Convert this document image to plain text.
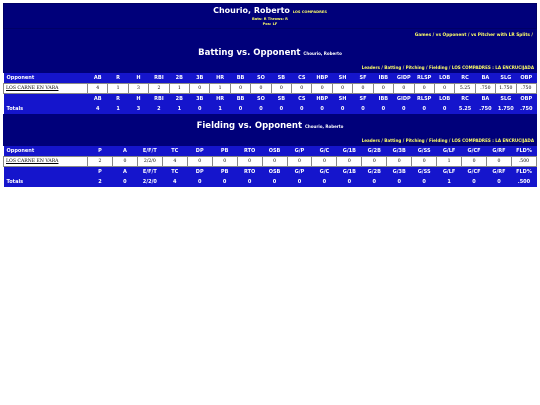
Chourio, Roberto LOS COMPADRES
Bats: R Throws: R
Pos: LF
Games / vs Opponent / vs Pitcher with LR Splits /
Batting vs. Opponent Chourio, Roberto
Leaders / Batting / Pitching / Fielding / LOS COMPADRES : LA ENCRUCIJADA
Opponent	AB	R	H	RBI	2B	3B	HR	BB	SO	SB	CS	HBP	SH	SF	IBB	GIDP	RLSP	LOB	RC	BA	SLG	OBP
LOS CARNE EN VARA	4	1	3	2	1	0	1	0	0	0	0	0	0	0	0	0	0	0	5.25	.750	1.750	.750
	AB	R	H	RBI	2B	3B	HR	BB	SO	SB	CS	HBP	SH	SF	IBB	GIDP	RLSP	LOB	RC	BA	SLG	OBP
Totals	4	1	3	2	1	0	1	0	0	0	0	0	0	0	0	0	0	0	5.25	.750	1.750	.750
Fielding vs. Opponent Chourio, Roberto
Leaders / Batting / Pitching / Fielding / LOS COMPADRES : LA ENCRUCIJADA
Opponent	P	A	E/F/T	TC	DP	PB	RTO	OSB	G/P	G/C	G/1B	G/2B	G/3B	G/SS	G/LF	G/CF	G/RF	FLD%
LOS CARNE EN VARA	2	0	2/2/0	4	0	0	0	0	0	0	0	0	0	0	1	0	0	.500
	P	A	E/F/T	TC	DP	PB	RTO	OSB	G/P	G/C	G/1B	G/2B	G/3B	G/SS	G/LF	G/CF	G/RF	FLD%
Totals	2	0	2/2/0	4	0	0	0	0	0	0	0	0	0	0	1	0	0	.500
